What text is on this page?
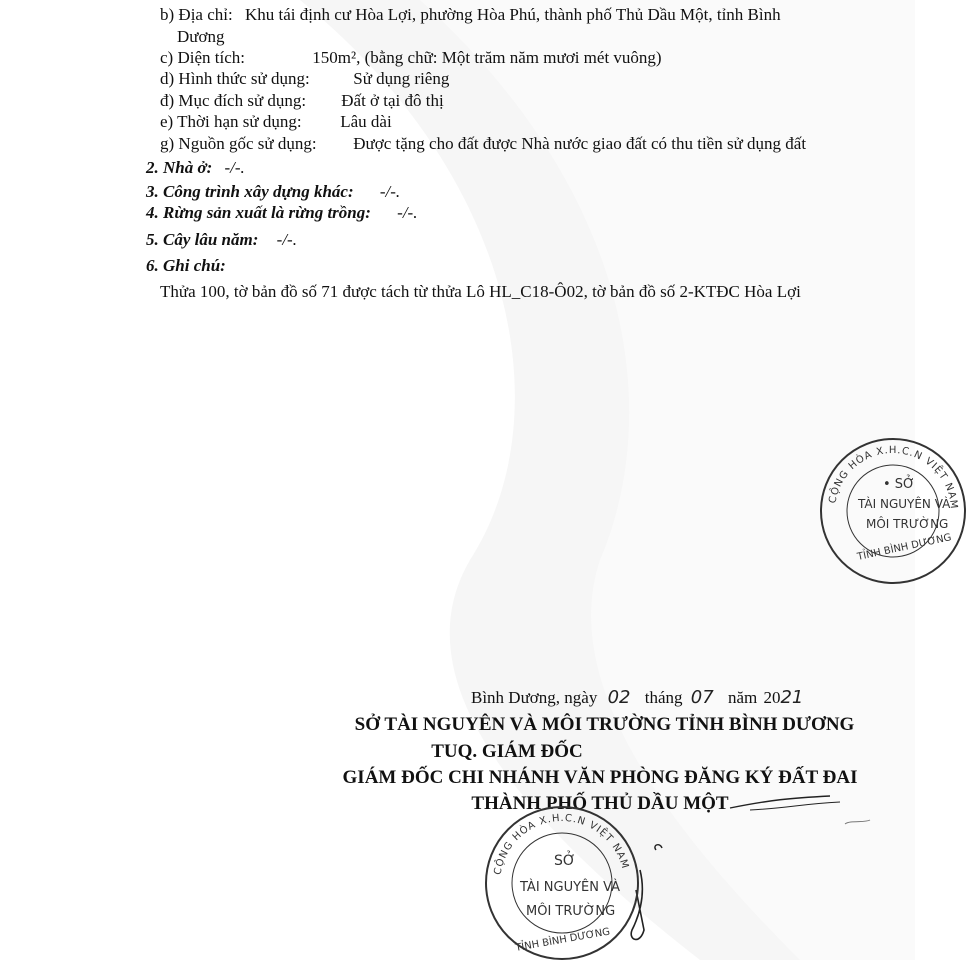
b) Địa chỉ: Khu tái định cư Hòa Lợi, phường Hòa Phú, thành phố Thủ Dầu Một, tỉnh Bình
Dương
c) Diện tích:	150m², (bằng chữ: Một trăm năm mươi mét vuông)
d) Hình thức sử dụng:	Sử dụng riêng
đ) Mục đích sử dụng: Đất ở tại đô thị
e) Thời hạn sử dụng: Lâu dài
g) Nguồn gốc sử dụng: Được tặng cho đất được Nhà nước giao đất có thu tiền sử dụng đất
2. Nhà ở: -/-.
3. Công trình xây dựng khác: -/-.
4. Rừng sản xuất là rừng trồng: -/-.
5. Cây lâu năm: -/-.
6. Ghi chú:
Thửa 100, tờ bản đồ số 71 được tách từ thửa Lô HL_C18-Ô02, tờ bản đồ số 2-KTĐC Hòa Lợi
CỘNG HÒA X.H.C.N VIỆT NAM
• SỞ
TÀI NGUYÊN VÀ
MÔI TRƯỜNG
TỈNH BÌNH DƯƠNG
Bình Dương, ngày 02 tháng 07 năm 2021
SỞ TÀI NGUYÊN VÀ MÔI TRƯỜNG TỈNH BÌNH DƯƠNG
TUQ. GIÁM ĐỐC
GIÁM ĐỐC CHI NHÁNH VĂN PHÒNG ĐĂNG KÝ ĐẤT ĐAI
THÀNH PHỐ THỦ DẦU MỘT
CỘNG HÒA X.H.C.N VIỆT NAM
SỞ
TÀI NGUYÊN VÀ
MÔI TRƯỜNG
TỈNH BÌNH DƯƠNG
